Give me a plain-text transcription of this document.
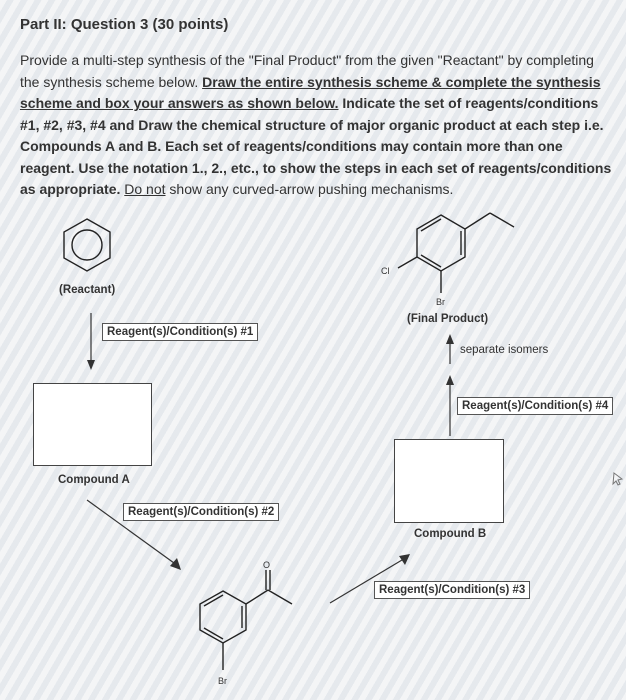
Part II: Question 3 (30 points)
Provide a multi-step synthesis of the "Final Product" from the given "Reactant" by completing the synthesis scheme below. Draw the entire synthesis scheme & complete the synthesis scheme and box your answers as shown below. Indicate the set of reagents/conditions #1, #2, #3, #4 and Draw the chemical structure of major organic product at each step i.e. Compounds A and B. Each set of reagents/conditions may contain more than one reagent. Use the notation 1., 2., etc., to show the steps in each set of reagents/conditions as appropriate. Do not show any curved-arrow pushing mechanisms.
Cl
Br
O
Br
(Reactant)
(Final Product)
Reagent(s)/Condition(s) #1
Reagent(s)/Condition(s) #2
Reagent(s)/Condition(s) #3
Reagent(s)/Condition(s) #4
separate isomers
Compound A
Compound B
